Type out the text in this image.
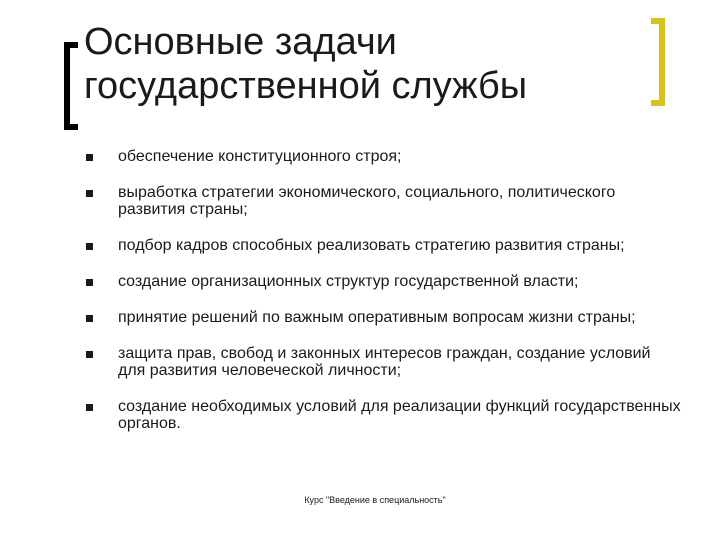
Основные задачи
государственной службы
обеспечение конституционного строя;
выработка стратегии экономического, социального, политического развития страны;
подбор кадров способных реализовать стратегию развития страны;
создание организационных структур государственной власти;
принятие решений по важным оперативным вопросам жизни страны;
защита прав, свобод и законных интересов граждан, создание условий для развития человеческой личности;
создание необходимых условий для реализации функций государственных органов.
Курс "Введение в специальность"
